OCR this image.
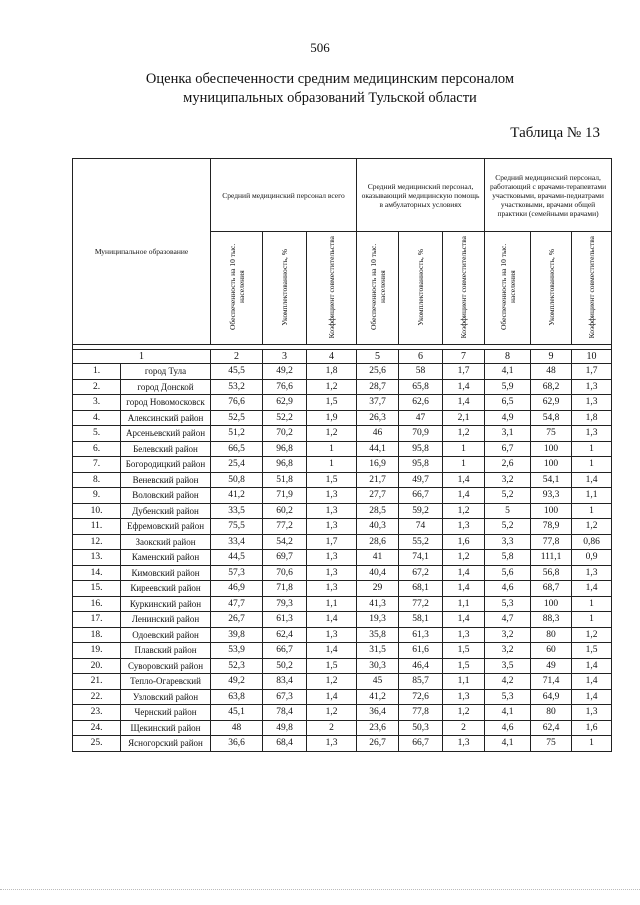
506
Оценка обеспеченности средним медицинским персоналом
муниципальных образований Тульской области
Таблица № 13
Муниципальное образование		Средний медицинский персонал всего			Средний медицинский персонал, оказывающий медицинскую помощь в амбулаторных условиях			Средний медицинский персонал, работающий с врачами-терапевтами участковыми, врачами-педиатрами участковыми, врачами общей практики (семейными врачами)		
		Обеспеченность на 10 тыс. населения	Укомплектованность, %	Коэффициент совместительства	Обеспеченность на 10 тыс. населения	Укомплектованность, %	Коэффициент совместительства	Обеспеченность на 10 тыс. населения	Укомплектованность, %	Коэффициент совместительства

1		2	3	4	5	6	7	8	9	10
1.	город Тула	45,5	49,2	1,8	25,6	58	1,7	4,1	48	1,7
2.	город Донской	53,2	76,6	1,2	28,7	65,8	1,4	5,9	68,2	1,3
3.	город Новомосковск	76,6	62,9	1,5	37,7	62,6	1,4	6,5	62,9	1,3
4.	Алексинский район	52,5	52,2	1,9	26,3	47	2,1	4,9	54,8	1,8
5.	Арсеньевский район	51,2	70,2	1,2	46	70,9	1,2	3,1	75	1,3
6.	Белевский район	66,5	96,8	1	44,1	95,8	1	6,7	100	1
7.	Богородицкий район	25,4	96,8	1	16,9	95,8	1	2,6	100	1
8.	Веневский район	50,8	51,8	1,5	21,7	49,7	1,4	3,2	54,1	1,4
9.	Воловский район	41,2	71,9	1,3	27,7	66,7	1,4	5,2	93,3	1,1
10.	Дубенский район	33,5	60,2	1,3	28,5	59,2	1,2	5	100	1
11.	Ефремовский район	75,5	77,2	1,3	40,3	74	1,3	5,2	78,9	1,2
12.	Заокский район	33,4	54,2	1,7	28,6	55,2	1,6	3,3	77,8	0,86
13.	Каменский район	44,5	69,7	1,3	41	74,1	1,2	5,8	111,1	0,9
14.	Кимовский район	57,3	70,6	1,3	40,4	67,2	1,4	5,6	56,8	1,3
15.	Киреевский район	46,9	71,8	1,3	29	68,1	1,4	4,6	68,7	1,4
16.	Куркинский район	47,7	79,3	1,1	41,3	77,2	1,1	5,3	100	1
17.	Ленинский район	26,7	61,3	1,4	19,3	58,1	1,4	4,7	88,3	1
18.	Одоевский район	39,8	62,4	1,3	35,8	61,3	1,3	3,2	80	1,2
19.	Плавский район	53,9	66,7	1,4	31,5	61,6	1,5	3,2	60	1,5
20.	Суворовский район	52,3	50,2	1,5	30,3	46,4	1,5	3,5	49	1,4
21.	Тепло-Огаревский	49,2	83,4	1,2	45	85,7	1,1	4,2	71,4	1,4
22.	Узловский район	63,8	67,3	1,4	41,2	72,6	1,3	5,3	64,9	1,4
23.	Чернский район	45,1	78,4	1,2	36,4	77,8	1,2	4,1	80	1,3
24.	Щекинский район	48	49,8	2	23,6	50,3	2	4,6	62,4	1,6
25.	Ясногорский район	36,6	68,4	1,3	26,7	66,7	1,3	4,1	75	1
